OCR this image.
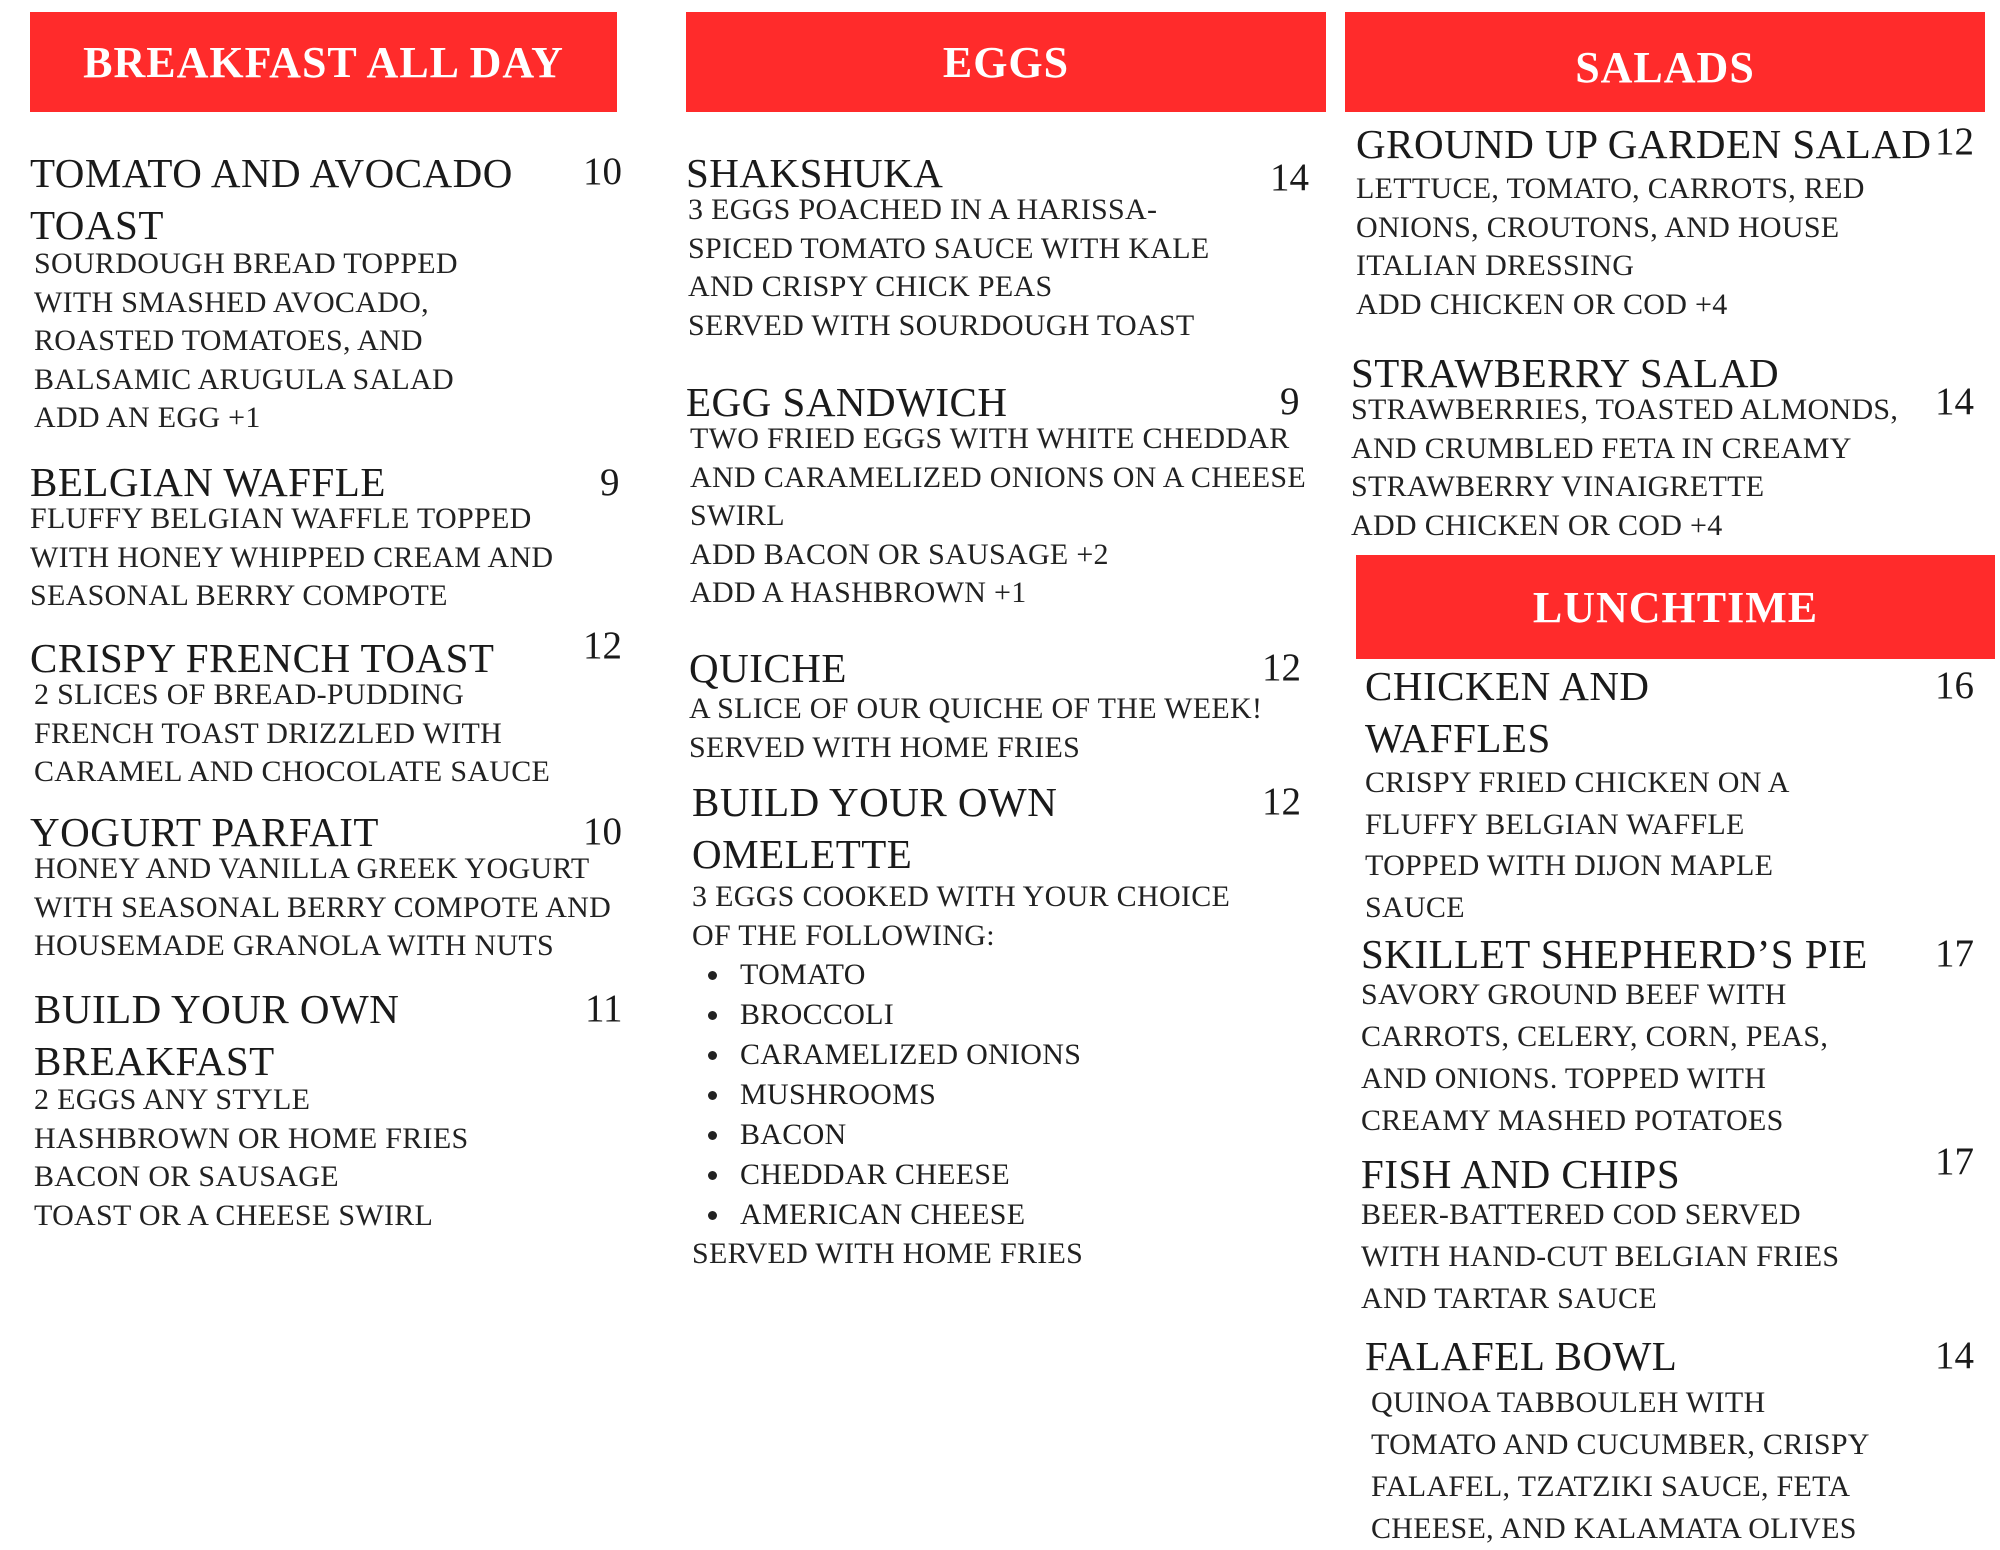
BREAKFAST ALL DAY	EGGS	SALADS
LUNCHTIME
TOMATO AND AVOCADO
TOAST
SOURDOUGH BREAD TOPPED
WITH SMASHED AVOCADO,
ROASTED TOMATOES, AND
BALSAMIC ARUGULA SALAD
ADD AN EGG +1
10
BELGIAN WAFFLE
FLUFFY BELGIAN WAFFLE TOPPED
WITH HONEY WHIPPED CREAM AND
SEASONAL BERRY COMPOTE
9
CRISPY FRENCH TOAST
2 SLICES OF BREAD-PUDDING
FRENCH TOAST DRIZZLED WITH
CARAMEL AND CHOCOLATE SAUCE
12
YOGURT PARFAIT
HONEY AND VANILLA GREEK YOGURT
WITH SEASONAL BERRY COMPOTE AND
HOUSEMADE GRANOLA WITH NUTS
10
BUILD YOUR OWN
BREAKFAST
2 EGGS ANY STYLE
HASHBROWN OR HOME FRIES
BACON OR SAUSAGE
TOAST OR A CHEESE SWIRL
11
SHAKSHUKA
3 EGGS POACHED IN A HARISSA-
SPICED TOMATO SAUCE WITH KALE
AND CRISPY CHICK PEAS
SERVED WITH SOURDOUGH TOAST
14
EGG SANDWICH
TWO FRIED EGGS WITH WHITE CHEDDAR
AND CARAMELIZED ONIONS ON A CHEESE
SWIRL
ADD BACON OR SAUSAGE +2
ADD A HASHBROWN +1
9
QUICHE
A SLICE OF OUR QUICHE OF THE WEEK!
SERVED WITH HOME FRIES
12
BUILD YOUR OWN
OMELETTE
3 EGGS COOKED WITH YOUR CHOICE
OF THE FOLLOWING:
TOMATO
BROCCOLI
CARAMELIZED ONIONS
MUSHROOMS
BACON
CHEDDAR CHEESE
AMERICAN CHEESE
SERVED WITH HOME FRIES
12
GROUND UP GARDEN SALAD
LETTUCE, TOMATO, CARROTS, RED
ONIONS, CROUTONS, AND HOUSE
ITALIAN DRESSING
ADD CHICKEN OR COD +4
12
STRAWBERRY SALAD
STRAWBERRIES, TOASTED ALMONDS,
AND CRUMBLED FETA IN CREAMY
STRAWBERRY VINAIGRETTE
ADD CHICKEN OR COD +4
14
CHICKEN AND
WAFFLES
CRISPY FRIED CHICKEN ON A
FLUFFY BELGIAN WAFFLE
TOPPED WITH DIJON MAPLE
SAUCE
16
SKILLET SHEPHERD’S PIE
SAVORY GROUND BEEF WITH
CARROTS, CELERY, CORN, PEAS,
AND ONIONS. TOPPED WITH
CREAMY MASHED POTATOES
17
FISH AND CHIPS
BEER-BATTERED COD SERVED
WITH HAND-CUT BELGIAN FRIES
AND TARTAR SAUCE
17
FALAFEL BOWL
QUINOA TABBOULEH WITH
TOMATO AND CUCUMBER, CRISPY
FALAFEL, TZATZIKI SAUCE, FETA
CHEESE, AND KALAMATA OLIVES
14
